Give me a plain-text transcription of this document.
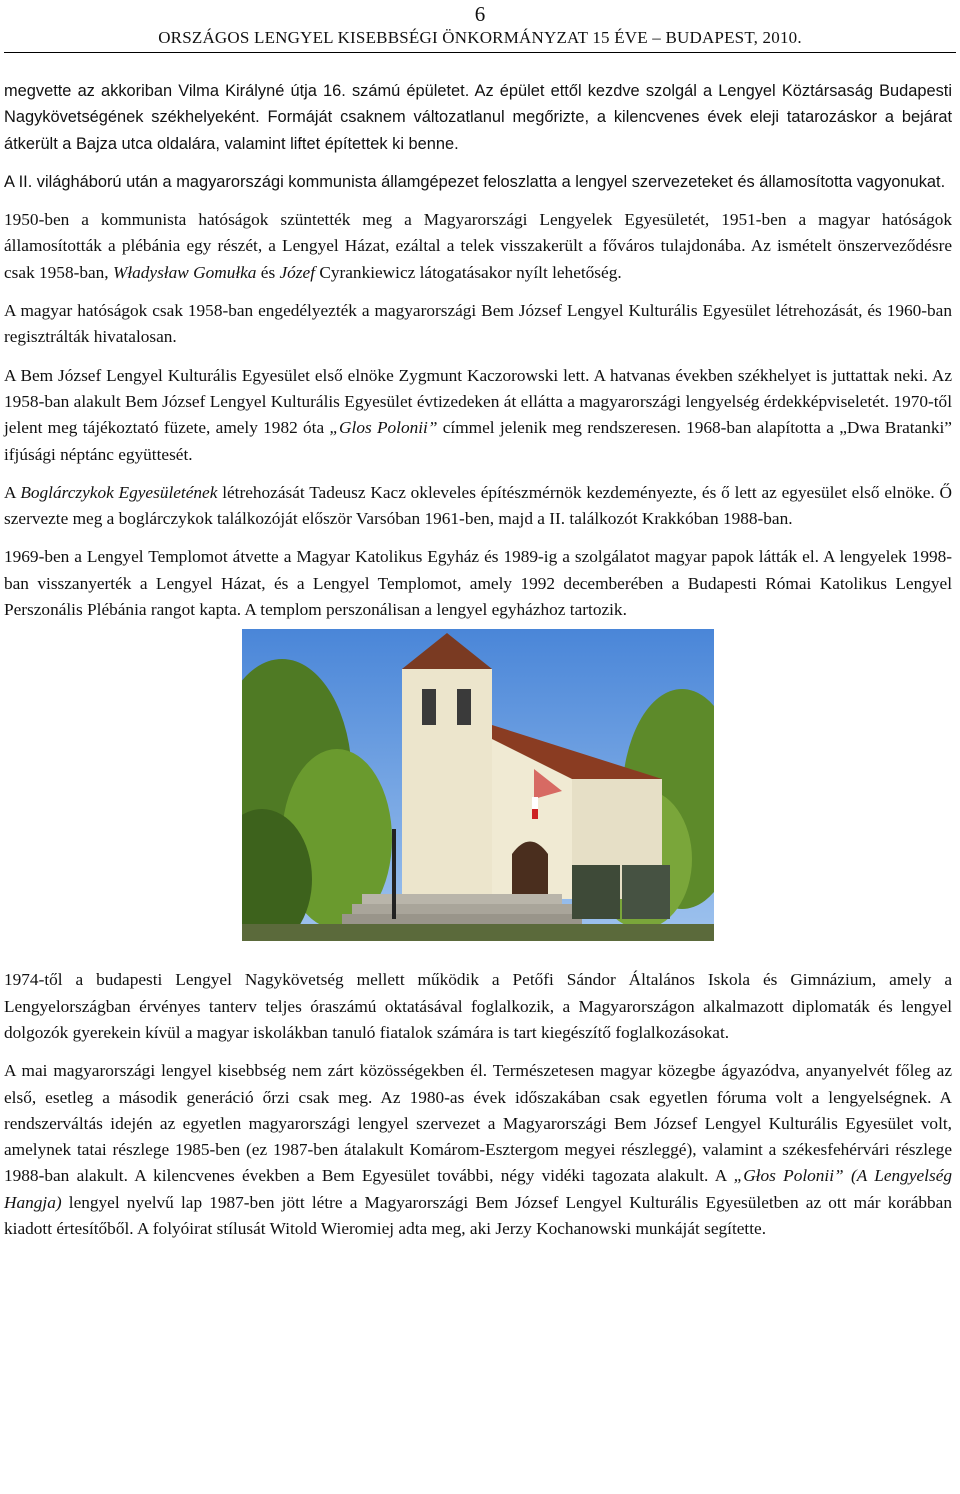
6
ORSZÁGOS LENGYEL KISEBBSÉGI ÖNKORMÁNYZAT 15 ÉVE – BUDAPEST, 2010.

megvette az akkoriban Vilma Királyné útja 16. számú épületet. Az épület ettől kezdve szolgál a Lengyel Köztársaság Budapesti Nagykövetségének székhelyeként. Formáját csaknem változatlanul megőrizte, a kilencvenes évek eleji tatarozáskor a bejárat átkerült a Bajza utca oldalára, valamint liftet építettek ki benne.

A II. világháború után a magyarországi kommunista államgépezet feloszlatta a lengyel szervezeteket és államosította vagyonukat.

1950-ben a kommunista hatóságok szüntették meg a Magyarországi Lengyelek Egyesületét, 1951-ben a magyar hatóságok államosították a plébánia egy részét, a Lengyel Házat, ezáltal a telek visszakerült a főváros tulajdonába. Az ismételt önszerveződésre csak 1958-ban, Władysław Gomułka és Józef Cyrankiewicz látogatásakor nyílt lehetőség.

A magyar hatóságok csak 1958-ban engedélyezték a magyarországi Bem József Lengyel Kulturális Egyesület létrehozását, és 1960-ban regisztrálták hivatalosan.

A Bem József Lengyel Kulturális Egyesület első elnöke Zygmunt Kaczorowski lett. A hatvanas években székhelyet is juttattak neki. Az 1958-ban alakult Bem József Lengyel Kulturális Egyesület évtizedeken át ellátta a magyarországi lengyelség érdekképviseletét. 1970-től jelent meg tájékoztató füzete, amely 1982 óta „Glos Polonii” címmel jelenik meg rendszeresen. 1968-ban alapította a „Dwa Bratanki” ifjúsági néptánc együttesét.

A Boglárczykok Egyesületének létrehozását Tadeusz Kacz okleveles építészmérnök kezdeményezte, és ő lett az egyesület első elnöke. Ő szervezte meg a boglárczykok találkozóját először Varsóban 1961-ben, majd a II. találkozót Krakkóban 1988-ban.

1969-ben a Lengyel Templomot átvette a Magyar Katolikus Egyház és 1989-ig a szolgálatot magyar papok látták el. A lengyelek 1998-ban visszanyerték a Lengyel Házat, és a Lengyel Templomot, amely 1992 decemberében a Budapesti Római Katolikus Lengyel Perszonális Plébánia rangot kapta. A templom perszonálisan a lengyel egyházhoz tartozik.

1974-től a budapesti Lengyel Nagykövetség mellett működik a Petőfi Sándor Általános Iskola és Gimnázium, amely a Lengyelországban érvényes tanterv teljes óraszámú oktatásával foglalkozik, a Magyarországon alkalmazott diplomaták és lengyel dolgozók gyerekein kívül a magyar iskolákban tanuló fiatalok számára is tart kiegészítő foglalkozásokat.

A mai magyarországi lengyel kisebbség nem zárt közösségekben él. Természetesen magyar közegbe ágyazódva, anyanyelvét főleg az első, esetleg a második generáció őrzi csak meg. Az 1980-as évek időszakában csak egyetlen fóruma volt a lengyelségnek. A rendszerváltás idején az egyetlen magyarországi lengyel szervezet a Magyarországi Bem József Lengyel Kulturális Egyesület volt, amelynek tatai részlege 1985-ben (ez 1987-ben átalakult Komárom-Esztergom megyei részleggé), valamint a székesfehérvári részlege 1988-ban alakult. A kilencvenes években a Bem Egyesület további, négy vidéki tagozata alakult. A „Głos Polonii” (A Lengyelség Hangja) lengyel nyelvű lap 1987-ben jött létre a Magyarországi Bem József Lengyel Kulturális Egyesületben az ott már korábban kiadott értesítőből. A folyóirat stílusát Witold Wieromiej adta meg, aki Jerzy Kochanowski munkáját segítette.
